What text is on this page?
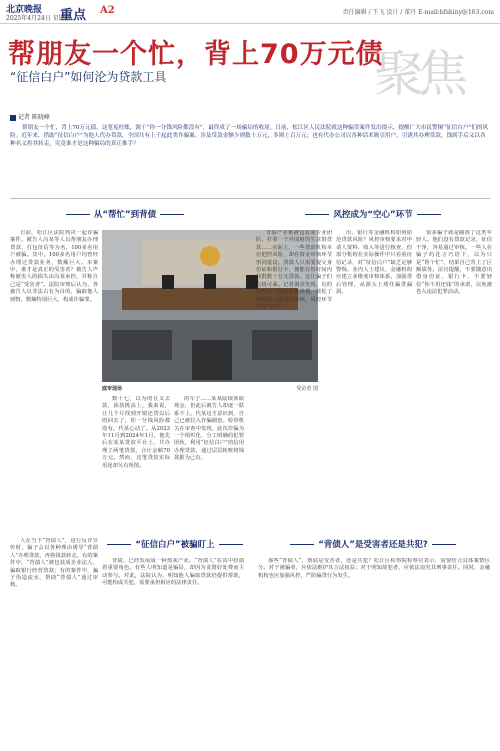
北京晚报
2025年4月24日 星期四
重点 A2	责任编辑 / 王飞 设计 / 董丹 E-mail:bfshiny@163.com
帮朋友一个忙，背上70万元债
“征信白户”如何沦为贷款工具	聚焦
记者 陈晓峰
帮朋友一个忙，背上70万元债。这笔冤枉账，源于“你一分钱风险都没有”，最终成了一场骗局的收尾。日前，松江区人民法院就这种骗贷案件发出提示，提醒广大市民警惕“征信白户”们的风险。近年来，借助“征信白户”为他人代办贷款，全国共有上千起此类诈骗案。涉及贷款金额少则数十万元，多则上百万元；也有代办公司以各种话术吸引用户，引诱其办理贷款，钱到手后又以各种名义将其转走。究竟谁才是这种骗局的真正推手？
从“帮忙”到背债	风控成为“空心”环节

日前，松江区法院判决一起诈骗案件。被告人冯某等人以帮朋友办理贷款、打包征信等为名，100多名用户被骗。其中，100多名用户均曾经办理过贷款业务，数额巨大。本案中，谁才是真正的受害者？被告人声称被害人的损失由冯某承担，并称自己是“受害者”。法院审理后认为，各被告人以非法占有为目的，骗取他人财物，数额特别巨大，构成诈骗罪。

庭审现场	受访者 图

数十七，以为的在义去款，获款挑高上。我来说，让几个月找到开销还贷以后的回去了，你一分钱风险都没有。代某心动了。从2023年11月到2024年1月，他先后在某某贷款平台上，共办理了两笔贷款，合计金额70万元。然而，这笔贷款实际用途却另有所图。

的车子……某某陆续领取现金，但此后被告人却逐一联系不上。代某这才意识到，自己已被拉入诈骗圈套。检察机关在审查中发现，此次诈骗为一个组织化、分工明确的犯罪团伙，利用“征信白户”的信用办理贷款，通过层层转账将钱款据为己有。

背债产业链被包装成专业团队，打着一个外国财的生意借贷款……实际上，一些贷款机构本应把控风险，却在资金审核环节形同虚设。贷款人只需要提交身份证和银行卡，便能在短时间内获批数十万元贷款。这让骗子们有机可乘。记者调查发现，有的平台为了追求放款规模，放松了对借款人资质的审核，风控环节沦为“空心”。

出，银行等金融机构如何防范贷款风险？风控审核要求对申请人资料、收入等进行核查，但部分机构在实际操作中只看重征信记录，对“征信白户”缺乏足够警惕。业内人士建议，金融机构应建立多维度审核体系，加强贷后管理，从源头上堵住骗贷漏洞。

很多骗子就是瞄准了这类年轻人。他们没有贷款记录，征信干净，容易通过审核。一些人在骗子的花言巧语下，以为只是“帮个忙”，结果自己背上了巨额债务。法官提醒，不要随意出借身份证、银行卡，不要轻信“你不用还钱”的承诺，以免被卷入违法犯罪活动。

“征信白户”被骗盯上	“背债人”是受害者还是共犯?

人在当下“背债人”，进行反诈宣传时，骗子会以各种理由诱导“背债人”办理贷款，再将钱款转走。有的案件中，“背债人”被包装成企业法人，骗取银行经营贷款；有的案件中，骗子伪造流水，帮助“背债人”通过审核。

背债，已经发展成一种黑灰产业。“背债人”在其中扮演着重要角色。有些人明知道是骗局，却因为贪图好处费而主动参与。对此，法院认为，明知他人骗取贷款仍提供帮助，可能构成共犯，需要承担相应的法律责任。

那些“背债人”，到底是受害者，还是共犯？松江区检察院检察官表示，需要结合具体案情区分。对于被骗者，应依法维护其合法权益；对于明知故犯者，应依法追究其刑事责任。同时，金融机构也应加强风控，严防骗贷行为发生。
